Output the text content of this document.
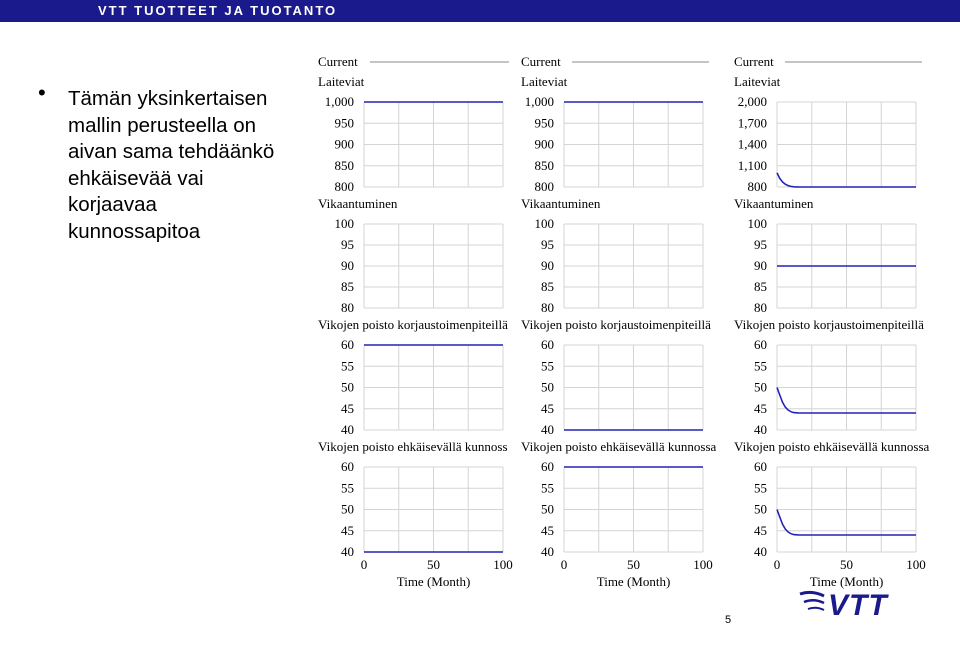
VTT TUOTTEET JA TUOTANTO
• Tämän yksinkertaisen
mallin perusteella on
aivan sama tehdäänkö
ehkäisevää vai
korjaavaa
kunnossapitoa
Current
Laiteviat
1,000
950
900
850
800
Vikaantuminen
100
95
90
85
80
Vikojen poisto korjaustoimenpiteillä
60
55
50
45
40
Vikojen poisto ehkäisevällä kunnoss
60
55
50
45
40
0	50	100
Time (Month)
Current
Laiteviat
1,000
950
900
850
800
Vikaantuminen
100
95
90
85
80
Vikojen poisto korjaustoimenpiteillä
60
55
50
45
40
Vikojen poisto ehkäisevällä kunnossa
60
55
50
45
40
0	50	100
Time (Month)
Current
Laiteviat
2,000
1,700
1,400
1,100
800
Vikaantuminen
100
95
90
85
80
Vikojen poisto korjaustoimenpiteillä
60
55
50
45
40
Vikojen poisto ehkäisevällä kunnossa
60
55
50
45
40
0	50	100
Time (Month)
5	VTT
